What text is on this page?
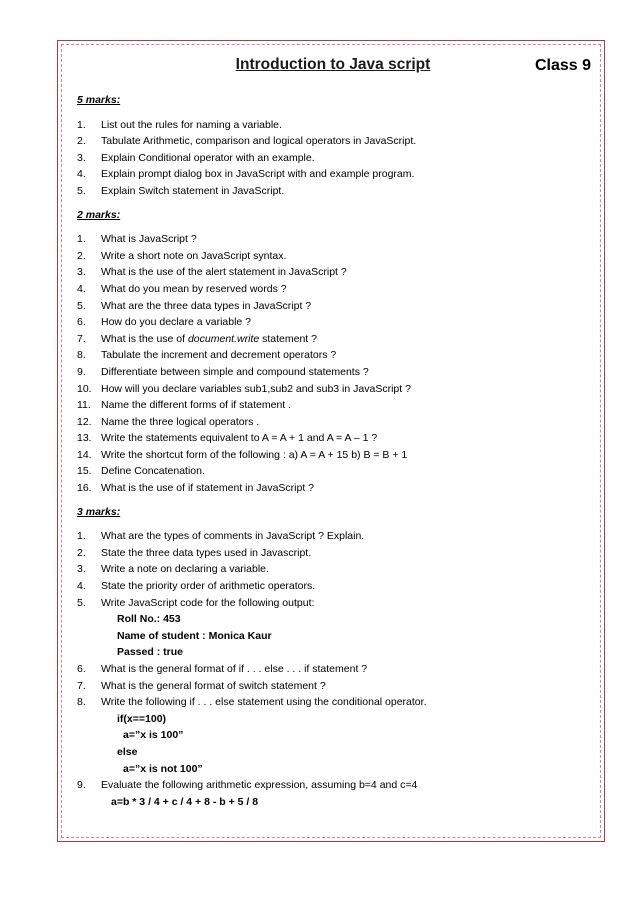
Introduction to Java script	Class 9
5 marks:
1.	List out the rules for naming a variable.
2.	Tabulate Arithmetic, comparison and logical operators in JavaScript.
3.	Explain Conditional operator with an example.
4.	Explain prompt dialog box in JavaScript with and example program.
5.	Explain Switch statement in JavaScript.
2 marks:
1.	What is JavaScript ?
2.	Write a short note on JavaScript syntax.
3.	What is the use of the alert statement in JavaScript ?
4.	What do you mean by reserved words ?
5.	What are the three data types in JavaScript ?
6.	How do you declare a variable ?
7.	What is the use of document.write statement ?
8.	Tabulate the increment and decrement operators ?
9.	Differentiate between simple and compound statements ?
10. How will you declare variables sub1,sub2 and sub3 in JavaScript ?
11. Name the different forms of if statement .
12. Name the three logical operators .
13. Write the statements equivalent to A = A + 1 and A = A – 1 ?
14. Write the shortcut form of the following : a) A = A + 15 b) B = B + 1
15. Define Concatenation.
16. What is the use of if statement in JavaScript ?
3 marks:
1.	What are the types of comments in JavaScript ? Explain.
2.	State the three data types used in Javascript.
3.	Write a note on declaring a variable.
4.	State the priority order of arithmetic operators.
5.	Write JavaScript code for the following output:
Roll No.: 453
Name of student : Monica Kaur
Passed : true
6.	What is the general format of if . . . else . . . if statement ?
7.	What is the general format of switch statement ?
8.	Write the following if . . . else statement using the conditional operator.
if(x==100)
a=”x is 100”
else
a=”x is not 100”
9.	Evaluate the following arithmetic expression, assuming b=4 and c=4
a=b * 3 / 4 + c / 4 + 8 - b + 5 / 8
